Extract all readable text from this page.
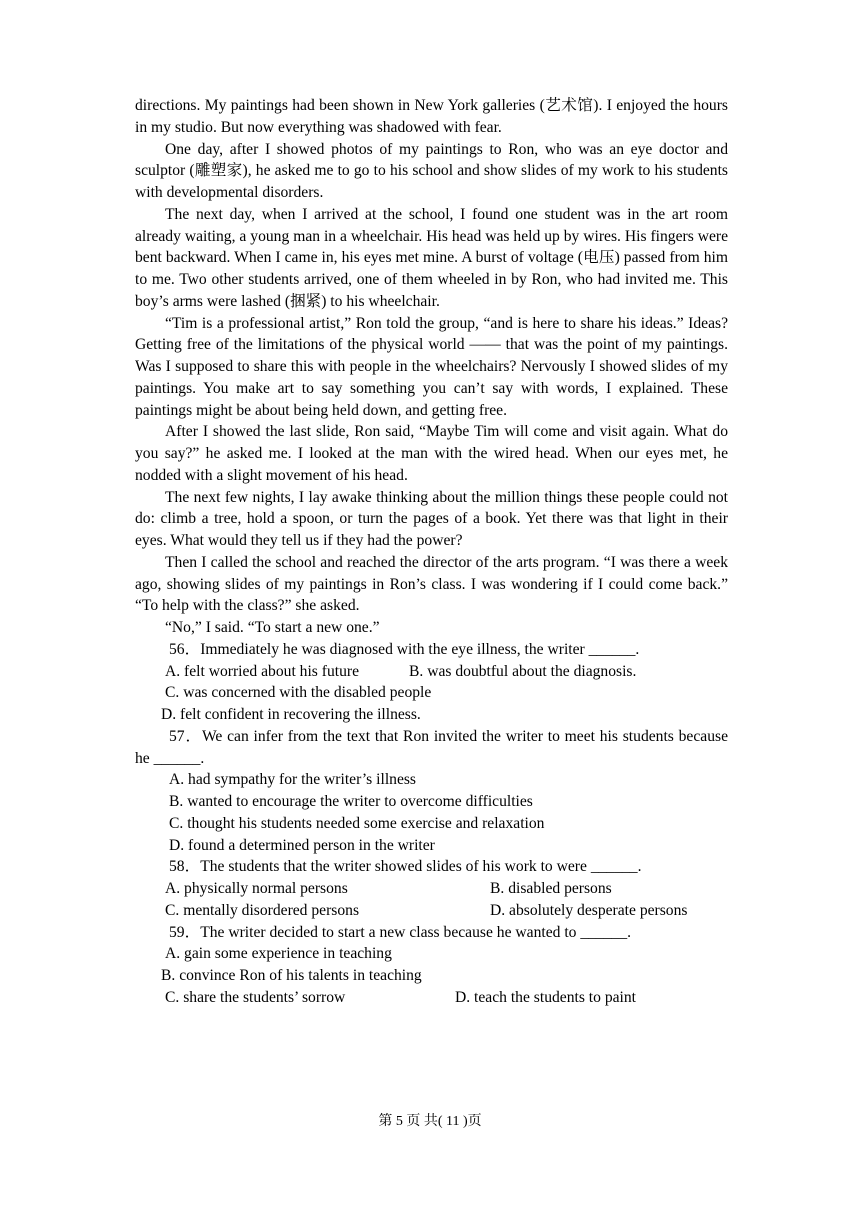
directions. My paintings had been shown in New York galleries (艺术馆). I enjoyed the hours in my studio. But now everything was shadowed with fear.

One day, after I showed photos of my paintings to Ron, who was an eye doctor and sculptor (雕塑家), he asked me to go to his school and show slides of my work to his students with developmental disorders.

The next day, when I arrived at the school, I found one student was in the art room already waiting, a young man in a wheelchair. His head was held up by wires. His fingers were bent backward. When I came in, his eyes met mine. A burst of voltage (电压) passed from him to me. Two other students arrived, one of them wheeled in by Ron, who had invited me. This boy’s arms were lashed (捆紧) to his wheelchair.

“Tim is a professional artist,” Ron told the group, “and is here to share his ideas.” Ideas? Getting free of the limitations of the physical world —— that was the point of my paintings. Was I supposed to share this with people in the wheelchairs? Nervously I showed slides of my paintings. You make art to say something you can’t say with words, I explained. These paintings might be about being held down, and getting free.

After I showed the last slide, Ron said, “Maybe Tim will come and visit again. What do you say?” he asked me. I looked at the man with the wired head. When our eyes met, he nodded with a slight movement of his head.

The next few nights, I lay awake thinking about the million things these people could not do: climb a tree, hold a spoon, or turn the pages of a book. Yet there was that light in their eyes. What would they tell us if they had the power?

Then I called the school and reached the director of the arts program. “I was there a week ago, showing slides of my paintings in Ron’s class. I was wondering if I could come back.” “To help with the class?” she asked.

“No,” I said. “To start a new one.”

56．Immediately he was diagnosed with the eye illness, the writer ______.

A. felt worried about his future	B. was doubtful about the diagnosis.
C. was concerned with the disabled people
D. felt confident in recovering the illness.

57．We can infer from the text that Ron invited the writer to meet his students because he ______.

A. had sympathy for the writer’s illness
B. wanted to encourage the writer to overcome difficulties
C. thought his students needed some exercise and relaxation
D. found a determined person in the writer

58．The students that the writer showed slides of his work to were ______.

A. physically normal persons	B. disabled persons
C. mentally disordered persons	D. absolutely desperate persons

59．The writer decided to start a new class because he wanted to ______.

A. gain some experience in teaching
B. convince Ron of his talents in teaching
C. share the students’ sorrow	D. teach the students to paint
第 5 页 共( 11 )页
